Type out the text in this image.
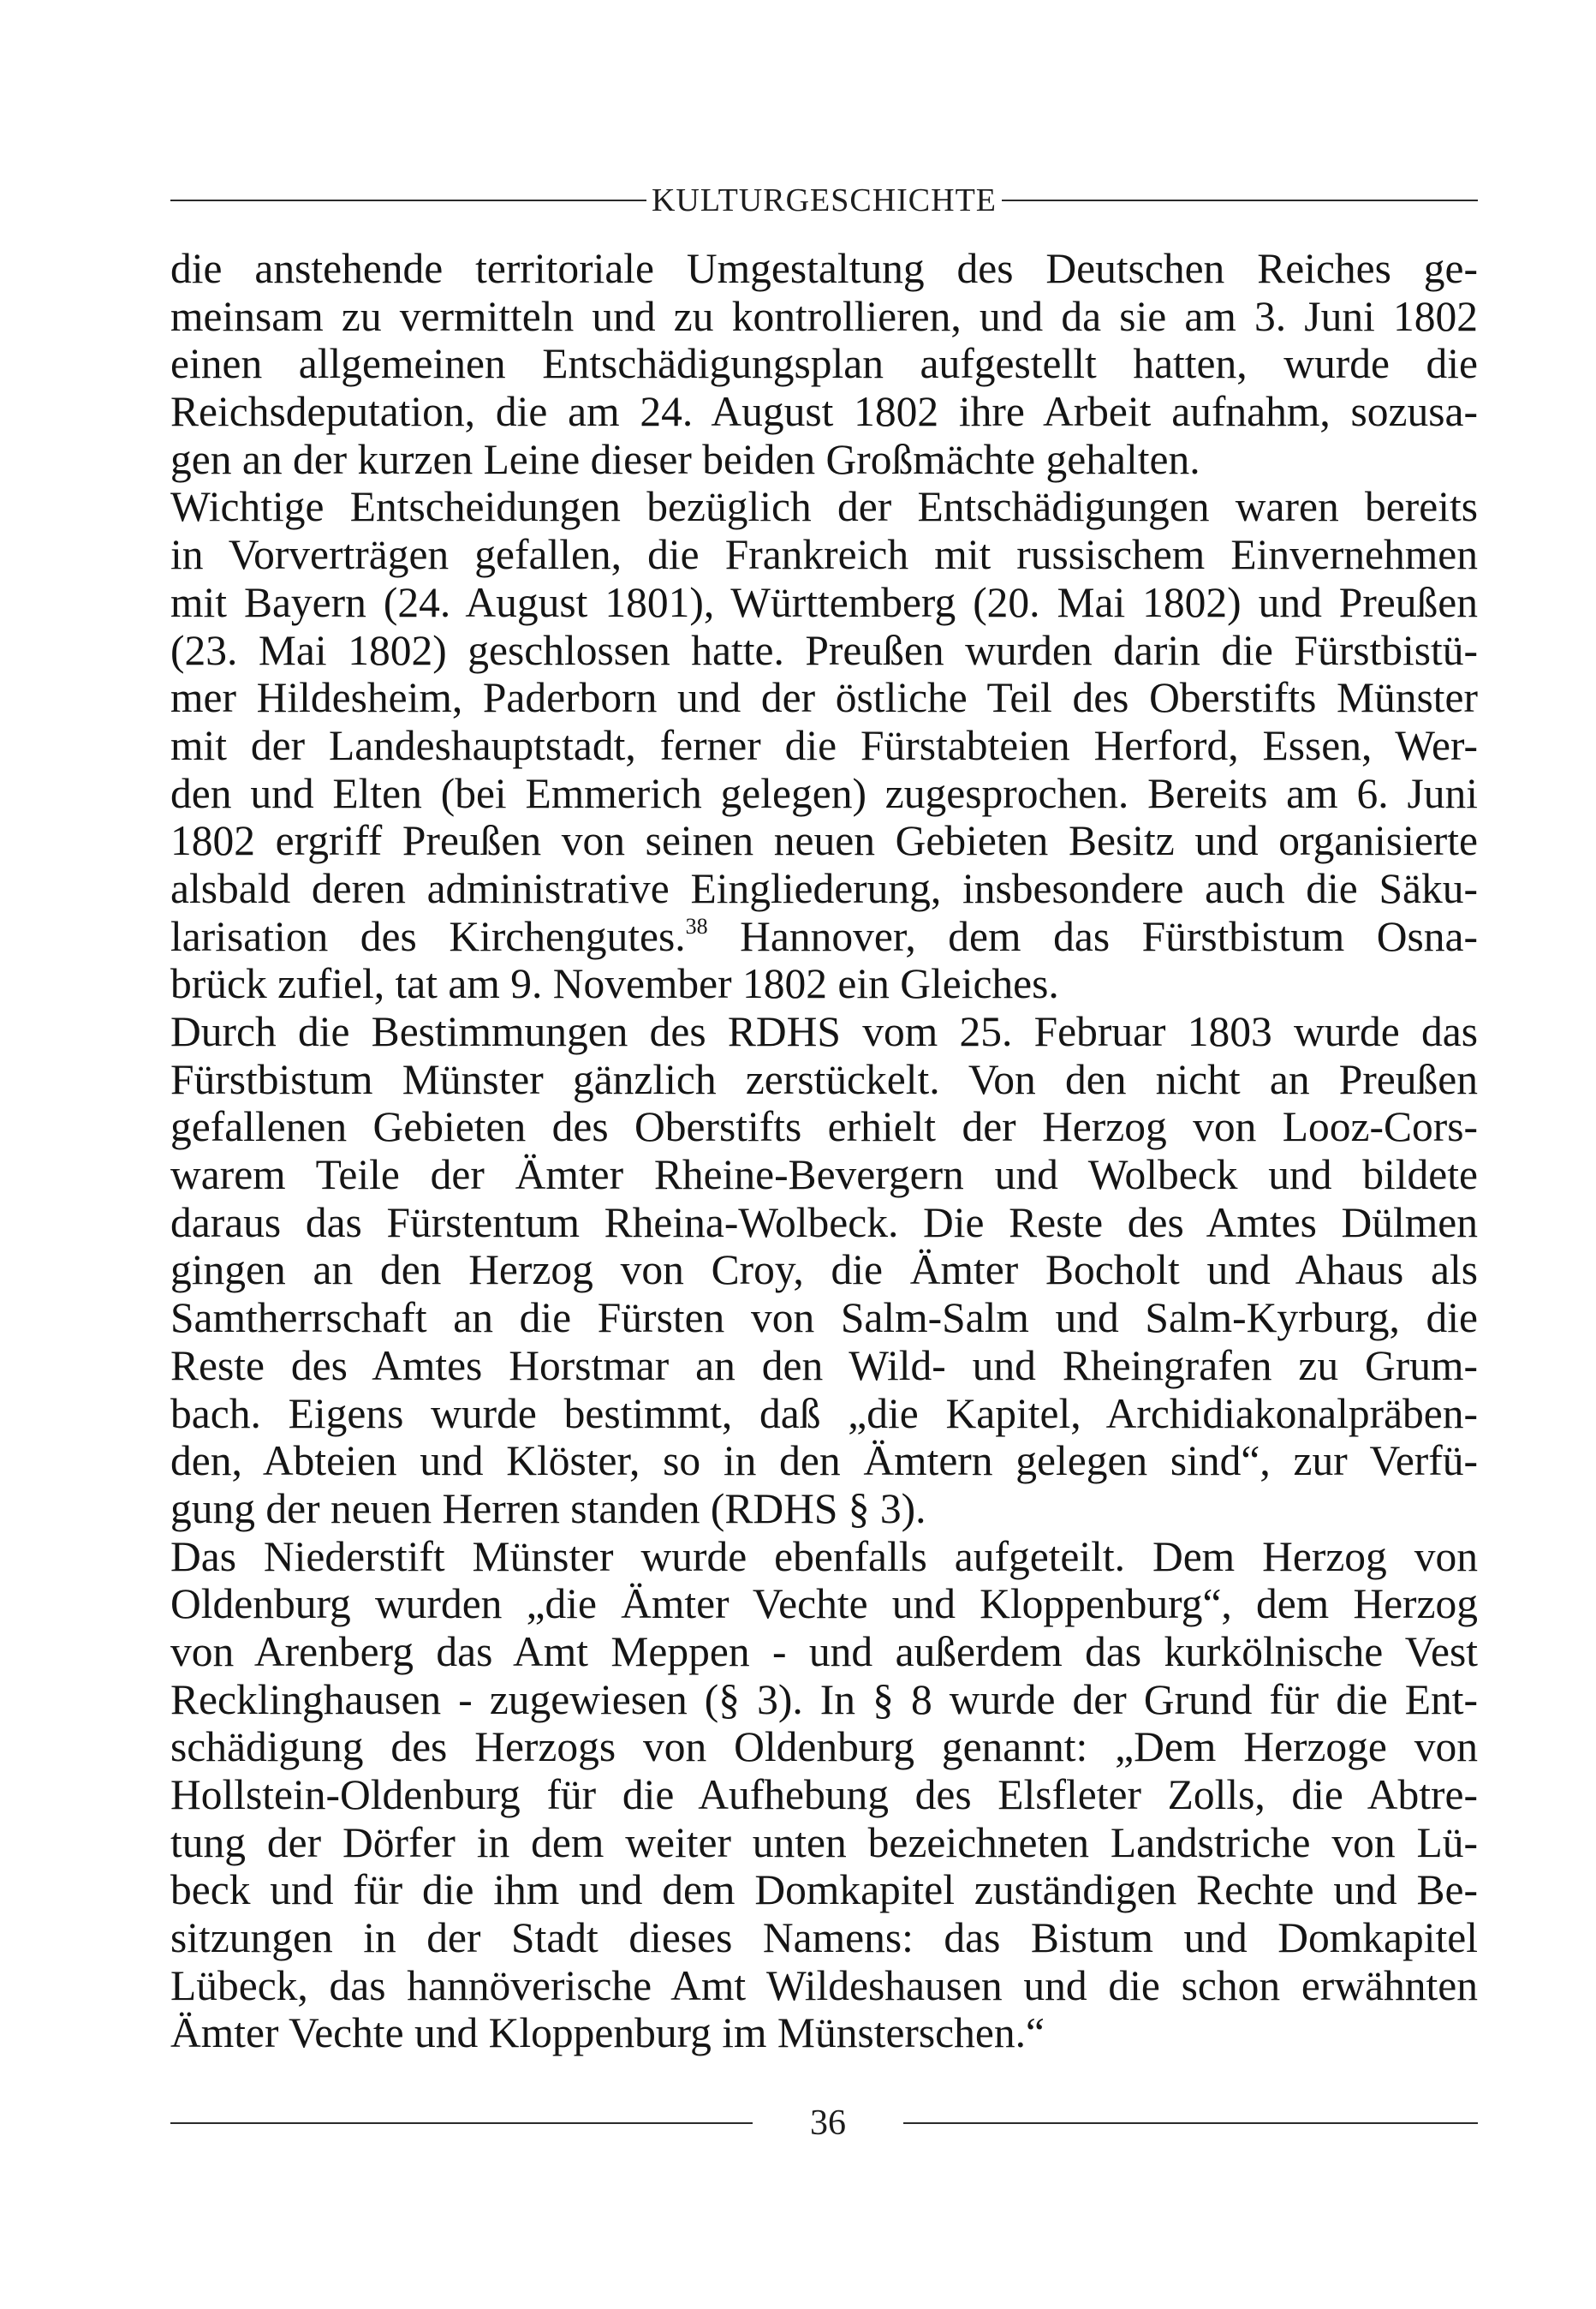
KULTURGESCHICHTE
die anstehende territoriale Umgestaltung des Deutschen Reiches ge-
meinsam zu vermitteln und zu kontrollieren, und da sie am 3. Juni 1802
einen allgemeinen Entschädigungsplan aufgestellt hatten, wurde die
Reichsdeputation, die am 24. August 1802 ihre Arbeit aufnahm, sozusa-
gen an der kurzen Leine dieser beiden Großmächte gehalten.
Wichtige Entscheidungen bezüglich der Entschädigungen waren bereits
in Vorverträgen gefallen, die Frankreich mit russischem Einvernehmen
mit Bayern (24. August 1801), Württemberg (20. Mai 1802) und Preußen
(23. Mai 1802) geschlossen hatte. Preußen wurden darin die Fürstbistü-
mer Hildesheim, Paderborn und der östliche Teil des Oberstifts Münster
mit der Landeshauptstadt, ferner die Fürstabteien Herford, Essen, Wer-
den und Elten (bei Emmerich gelegen) zugesprochen. Bereits am 6. Juni
1802 ergriff Preußen von seinen neuen Gebieten Besitz und organisierte
alsbald deren administrative Eingliederung, insbesondere auch die Säku-
larisation des Kirchengutes.$^{38}$ Hannover, dem das Fürstbistum Osna-
brück zufiel, tat am 9. November 1802 ein Gleiches.
Durch die Bestimmungen des RDHS vom 25. Februar 1803 wurde das
Fürstbistum Münster gänzlich zerstückelt. Von den nicht an Preußen
gefallenen Gebieten des Oberstifts erhielt der Herzog von Looz-Cors-
warem Teile der Ämter Rheine-Bevergern und Wolbeck und bildete
daraus das Fürstentum Rheina-Wolbeck. Die Reste des Amtes Dülmen
gingen an den Herzog von Croy, die Ämter Bocholt und Ahaus als
Samtherrschaft an die Fürsten von Salm-Salm und Salm-Kyrburg, die
Reste des Amtes Horstmar an den Wild- und Rheingrafen zu Grum-
bach. Eigens wurde bestimmt, daß „die Kapitel, Archidiakonalpräben-
den, Abteien und Klöster, so in den Ämtern gelegen sind“, zur Verfü-
gung der neuen Herren standen (RDHS § 3).
Das Niederstift Münster wurde ebenfalls aufgeteilt. Dem Herzog von
Oldenburg wurden „die Ämter Vechte und Kloppenburg“, dem Herzog
von Arenberg das Amt Meppen - und außerdem das kurkölnische Vest
Recklinghausen - zugewiesen (§ 3). In § 8 wurde der Grund für die Ent-
schädigung des Herzogs von Oldenburg genannt: „Dem Herzoge von
Hollstein-Oldenburg für die Aufhebung des Elsfleter Zolls, die Abtre-
tung der Dörfer in dem weiter unten bezeichneten Landstriche von Lü-
beck und für die ihm und dem Domkapitel zuständigen Rechte und Be-
sitzungen in der Stadt dieses Namens: das Bistum und Domkapitel
Lübeck, das hannöverische Amt Wildeshausen und die schon erwähnten
Ämter Vechte und Kloppenburg im Münsterschen.“
36
